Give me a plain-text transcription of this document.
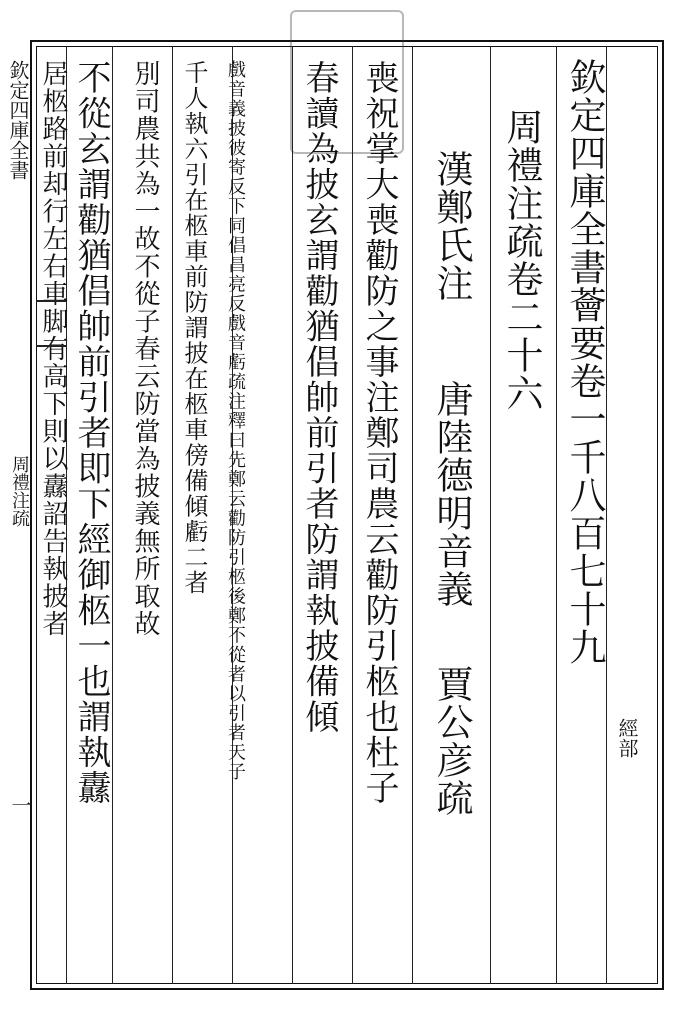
欽定四庫全書薈要卷一千八百七十九
經部
周禮注疏卷二十六
漢鄭氏注
唐陸德明音義
賈公彦疏
喪祝掌大喪勸防之事注鄭司農云勸防引柩也杜子
春讀為披玄謂勸猶倡帥前引者防謂執披備傾
戲音義披彼寄反下同倡昌亮反戲音虧疏注釋曰先鄭云勸防引柩後鄭不從者以引者天子
千人執六引在柩車前防謂披在柩車傍備傾虧二者
別司農共為一故不從子春云防當為披義無所取故
不從玄謂勸猶倡帥前引者即下經御柩一也謂執纛
居柩路前却行左右車脚有高下則以纛詔告執披者
欽定四庫全書
周禮注疏
一
